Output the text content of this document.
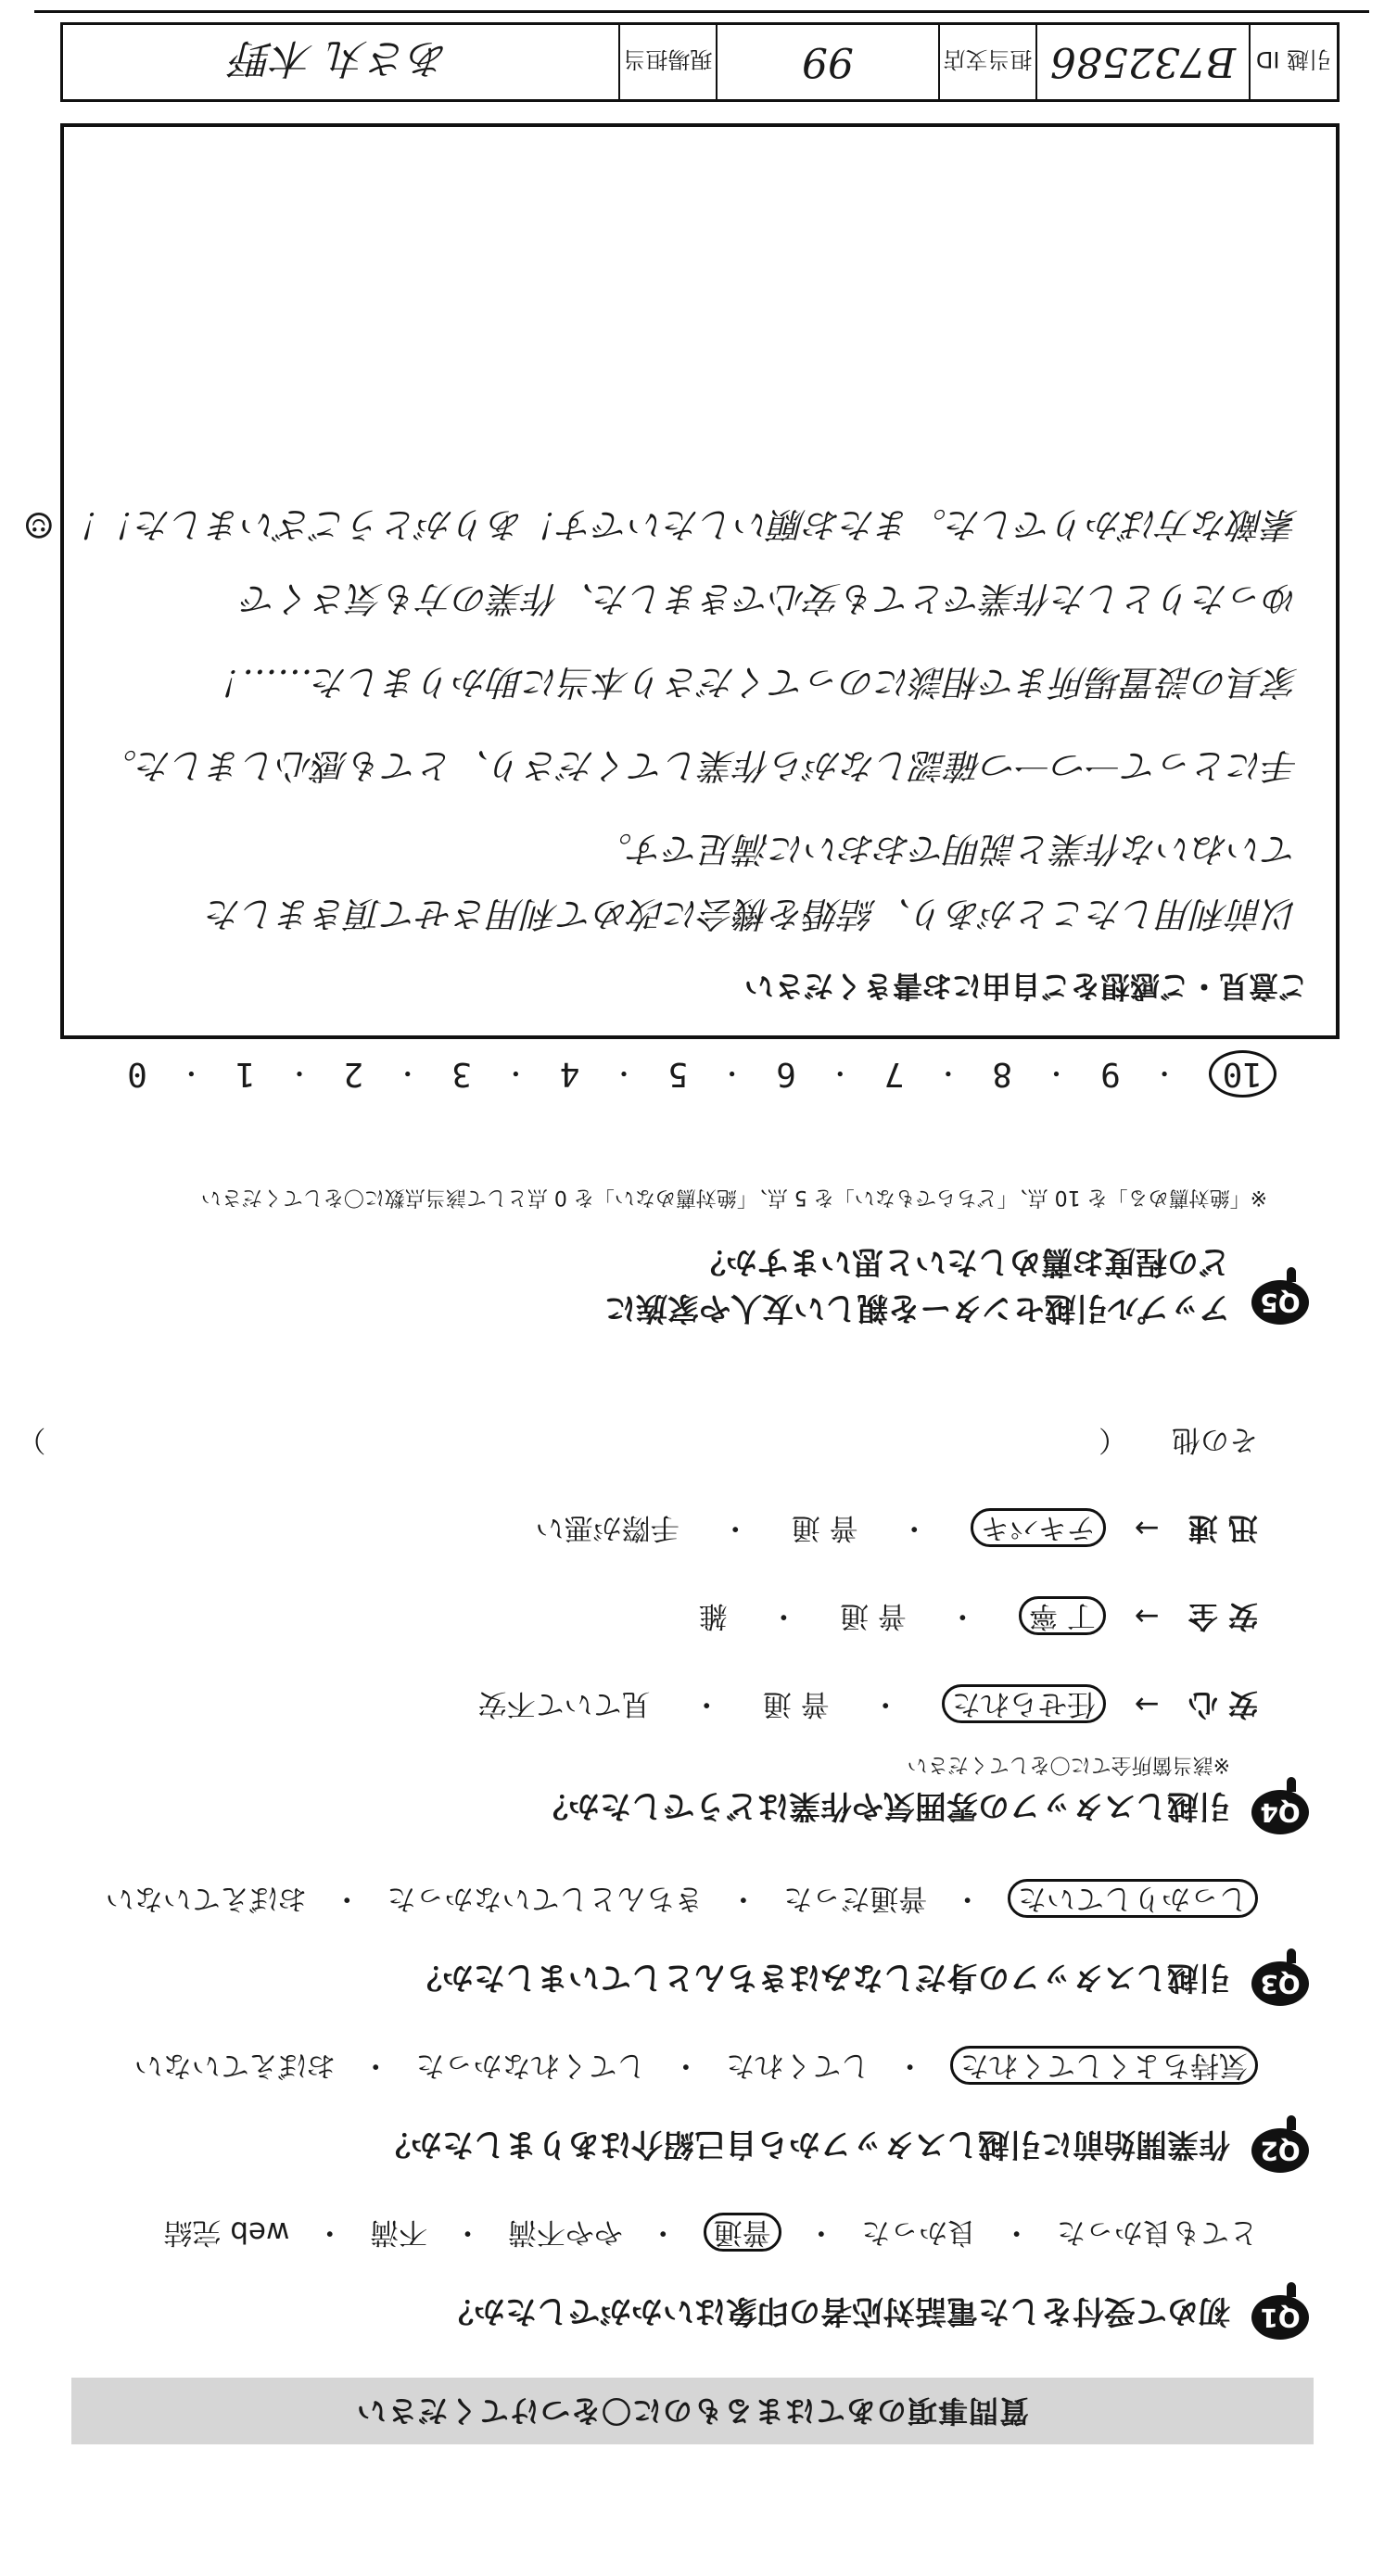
質問事項のあてはまるものに〇をつけてください
Q1
初めて受付をした電話対応者の印象はいかがでしたか？
とても良かった ・ 良かった ・ 普通 ・ やや不満 ・ 不満 ・ web 完結
Q2
作業開始前に引越しスタッフから自己紹介はありましたか？
気持ちよくしてくれた ・ してくれた ・ してくれなかった ・ おぼえていない
Q3
引越しスタッフの身だしなみはきちんとしていましたか？
しっかりしていた ・ 普通だった ・ きちんとしていなかった ・ おぼえていない
Q4
引越しスタッフの雰囲気や作業はどうでしたか？
※該当箇所全てに〇をしてください
安 心 → 任せられた ・ 普 通 ・ 見ていて不安
安 全 → 丁 寧 ・ 普 通 ・ 雑
迅 速 → テキパキ ・ 普 通 ・ 手際が悪い
その他 （  ）
Q5
アップル引越センターを親しい友人や家族に
どの程度お薦めしたいと思いますか？
※「絶対薦める」を 10 点、「どちらでもない」を 5 点、「絶対薦めない」を 0 点として該当点数に〇をしてください
10
・
9
・
8
・
7
・
6
・
5
・
4
・
3
・
2
・
1
・
0
ご意見・ご感想をご自由にお書きください
以前利用したことがあり、結婚を機会に改めて利用させて頂きました
ていねいな作業と説明でおおいに満足です。
手にとって一つ一つ確認しながら作業してくださり、とても感心しました。
家具の設置場所まで相談にのってくださり本当に助かりました……！
ゆったりとした作業でとても安心できました、作業の方も気さくで
素敵な方ばかりでした。またお願いしたいです！ありがとうございました！！ ☺
引越 ID
B732586
担当支店
99
現場担当
あさ丸 木野
